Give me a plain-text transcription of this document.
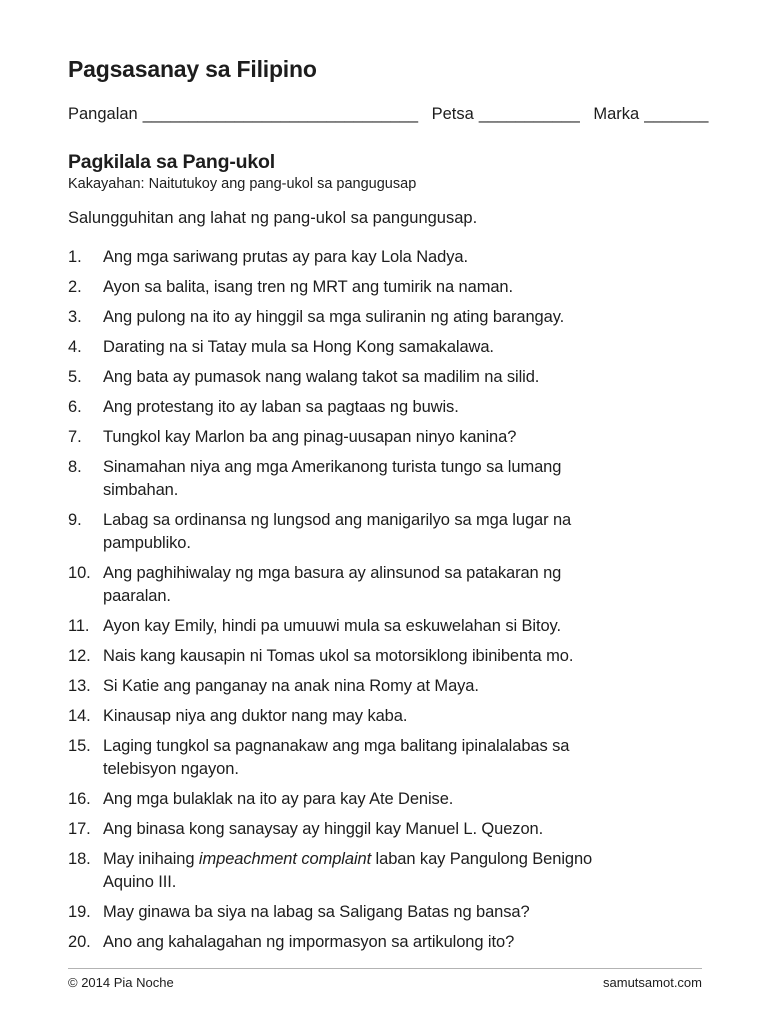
Pagsasanay sa Filipino
Pangalan ______________________________ Petsa ___________ Marka _______
Pagkilala sa Pang-ukol
Kakayahan: Naitutukoy ang pang-ukol sa pangugusap

Salungguhitan ang lahat ng pang-ukol sa pangungusap.

1.	Ang mga sariwang prutas ay para kay Lola Nadya.
2.	Ayon sa balita, isang tren ng MRT ang tumirik na naman.
3.	Ang pulong na ito ay hinggil sa mga suliranin ng ating barangay.
4.	Darating na si Tatay mula sa Hong Kong samakalawa.
5.	Ang bata ay pumasok nang walang takot sa madilim na silid.
6.	Ang protestang ito ay laban sa pagtaas ng buwis.
7.	Tungkol kay Marlon ba ang pinag-uusapan ninyo kanina?
8.	Sinamahan niya ang mga Amerikanong turista tungo sa lumang
simbahan.
9.	Labag sa ordinansa ng lungsod ang manigarilyo sa mga lugar na
pampubliko.
10. Ang paghihiwalay ng mga basura ay alinsunod sa patakaran ng
paaralan.
11. Ayon kay Emily, hindi pa umuuwi mula sa eskuwelahan si Bitoy.
12. Nais kang kausapin ni Tomas ukol sa motorsiklong ibinibenta mo.
13. Si Katie ang panganay na anak nina Romy at Maya.
14. Kinausap niya ang duktor nang may kaba.
15. Laging tungkol sa pagnanakaw ang mga balitang ipinalalabas sa
telebisyon ngayon.
16. Ang mga bulaklak na ito ay para kay Ate Denise.
17. Ang binasa kong sanaysay ay hinggil kay Manuel L. Quezon.
18. May inihaing impeachment complaint laban kay Pangulong Benigno
Aquino III.
19. May ginawa ba siya na labag sa Saligang Batas ng bansa?
20. Ano ang kahalagahan ng impormasyon sa artikulong ito?
© 2014 Pia Noche	samutsamot.com
